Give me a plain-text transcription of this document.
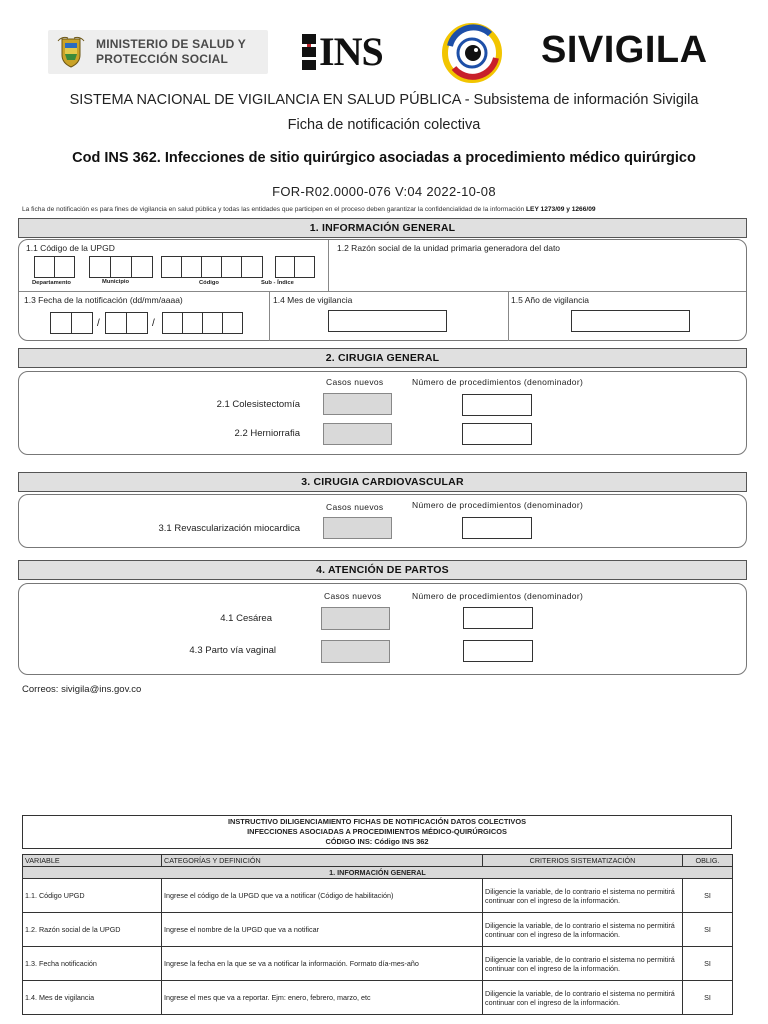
MINISTERIO DE SALUD Y
PROTECCIÓN SOCIAL	INS	SIVIGILA
SISTEMA NACIONAL DE VIGILANCIA EN SALUD PÚBLICA - Subsistema de información Sivigila
Ficha de notificación colectiva
Cod INS 362. Infecciones de sitio quirúrgico asociadas a procedimiento médico quirúrgico
FOR-R02.0000-076 V:04 2022-10-08
La ficha de notificación es para fines de vigilancia en salud pública y todas las entidades que participen en el proceso deben garantizar la confidencialidad de la información LEY 1273/09 y 1266/09
1. INFORMACIÓN GENERAL
1.1 Código de la UPGD
Departamento	Municipio	Código	Sub - Índice
1.2 Razón social de la unidad primaria generadora del dato
1.3 Fecha de la notificación (dd/mm/aaaa)
/	/
1.4 Mes de vigilancia	1.5 Año de vigilancia
2. CIRUGIA GENERAL
Casos nuevos	Número de procedimientos (denominador)
2.1 Colesistectomía
2.2 Herniorrafia
3. CIRUGIA CARDIOVASCULAR
Casos nuevos	Número de procedimientos (denominador)
3.1 Revascularización miocardica
4. ATENCIÓN DE PARTOS
Casos nuevos	Número de procedimientos (denominador)
4.1 Cesárea
4.3 Parto vía vaginal
Correos: sivigila@ins.gov.co
INSTRUCTIVO DILIGENCIAMIENTO FICHAS DE NOTIFICACIÓN DATOS COLECTIVOS
INFECCIONES ASOCIADAS A PROCEDIMIENTOS MÉDICO-QUIRÚRGICOS
CÓDIGO INS: Código INS 362
VARIABLE	CATEGORÍAS Y DEFINICIÓN	CRITERIOS SISTEMATIZACIÓN	OBLIG.
1. INFORMACIÓN GENERAL			
1.1. Código UPGD	Ingrese el código de la UPGD que va a notificar (Código de habilitación)	Diligencie la variable, de lo contrario el sistema no permitirá continuar con el ingreso de la información.	SI
1.2. Razón social de la UPGD	Ingrese el nombre de la UPGD que va a notificar	Diligencie la variable, de lo contrario el sistema no permitirá continuar con el ingreso de la información.	SI
1.3. Fecha notificación	Ingrese la fecha en la que se va a notificar la información. Formato día-mes-año	Diligencie la variable, de lo contrario el sistema no permitirá continuar con el ingreso de la información.	SI
1.4. Mes de vigilancia	Ingrese el mes que va a reportar. Ejm: enero, febrero, marzo, etc	Diligencie la variable, de lo contrario el sistema no permitirá continuar con el ingreso de la información.	SI
